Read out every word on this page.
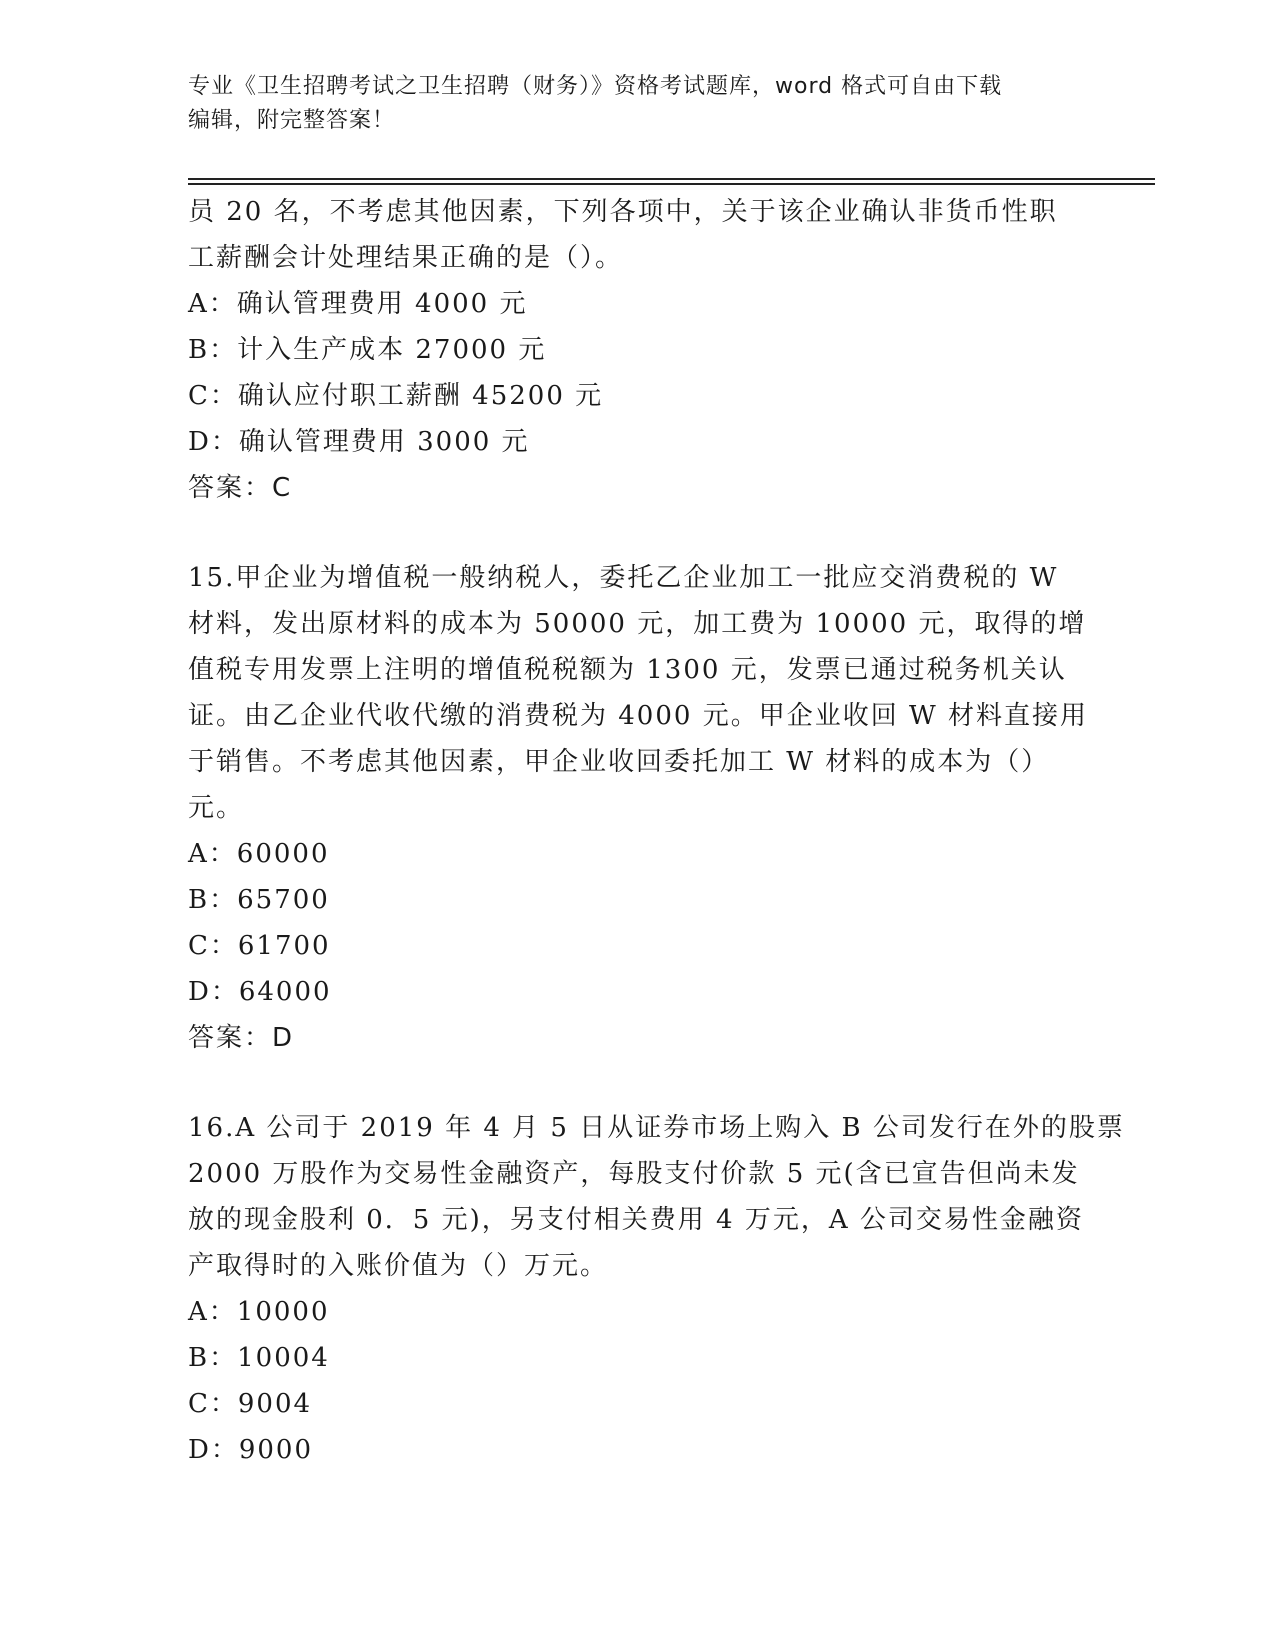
专业《卫生招聘考试之卫生招聘（财务）》资格考试题库，word 格式可自由下载
编辑，附完整答案！
员 20 名，不考虑其他因素，下列各项中，关于该企业确认非货币性职
工薪酬会计处理结果正确的是（）。
A：确认管理费用 4000 元
B：计入生产成本 27000 元
C：确认应付职工薪酬 45200 元
D：确认管理费用 3000 元
答案：C
15.甲企业为增值税一般纳税人，委托乙企业加工一批应交消费税的 W
材料，发出原材料的成本为 50000 元，加工费为 10000 元，取得的增
值税专用发票上注明的增值税税额为 1300 元，发票已通过税务机关认
证。由乙企业代收代缴的消费税为 4000 元。甲企业收回 W 材料直接用
于销售。不考虑其他因素，甲企业收回委托加工 W 材料的成本为（）
元。
A：60000
B：65700
C：61700
D：64000
答案：D
16.A 公司于 2019 年 4 月 5 日从证券市场上购入 B 公司发行在外的股票
2000 万股作为交易性金融资产，每股支付价款 5 元(含已宣告但尚未发
放的现金股利 0．5 元)，另支付相关费用 4 万元，A 公司交易性金融资
产取得时的入账价值为（）万元。
A：10000
B：10004
C：9004
D：9000
